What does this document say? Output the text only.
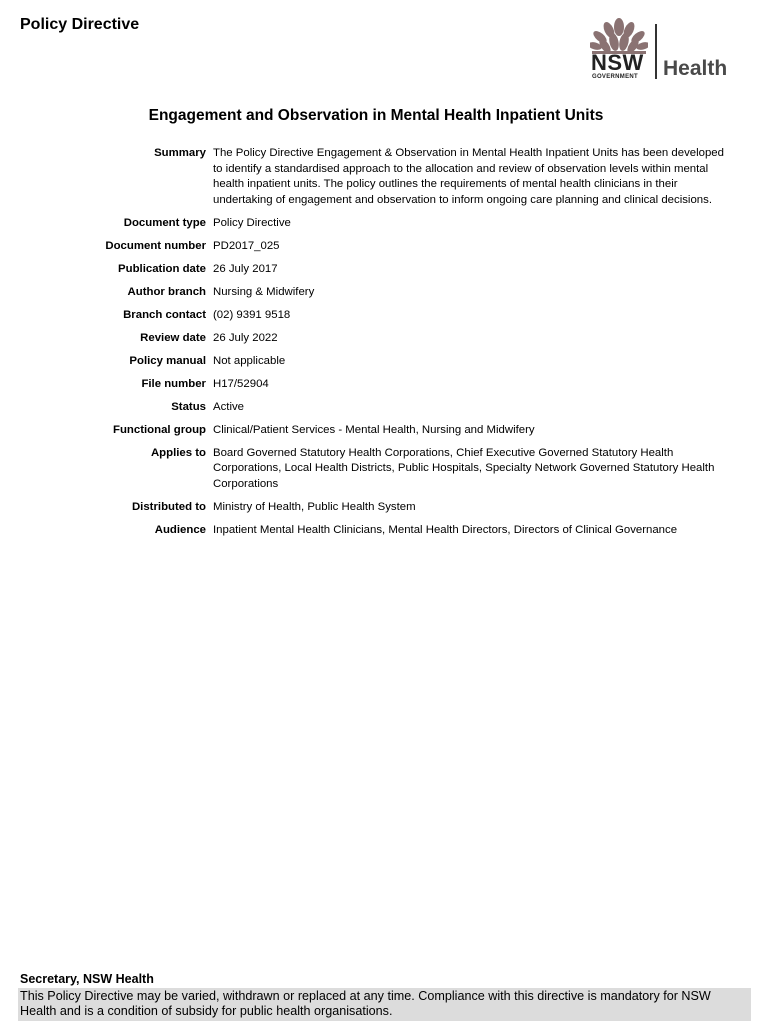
Policy Directive
NSW
GOVERNMENT Health
Engagement and Observation in Mental Health Inpatient Units
Summary	The Policy Directive Engagement & Observation in Mental Health Inpatient Units has been developed to identify a standardised approach to the allocation and review of observation levels within mental health inpatient units. The policy outlines the requirements of mental health clinicians in their undertaking of engagement and observation to inform ongoing care planning and clinical decisions.
Document type	Policy Directive
Document number	PD2017_025
Publication date	26 July 2017
Author branch	Nursing & Midwifery
Branch contact	(02) 9391 9518
Review date	26 July 2022
Policy manual	Not applicable
File number	H17/52904
Status	Active
Functional group	Clinical/Patient Services - Mental Health, Nursing and Midwifery
Applies to	Board Governed Statutory Health Corporations, Chief Executive Governed Statutory Health Corporations, Local Health Districts, Public Hospitals, Specialty Network Governed Statutory Health Corporations
Distributed to	Ministry of Health, Public Health System
Audience	Inpatient Mental Health Clinicians, Mental Health Directors, Directors of Clinical Governance
Secretary, NSW Health
This Policy Directive may be varied, withdrawn or replaced at any time. Compliance with this directive is mandatory for NSW Health and is a condition of subsidy for public health organisations.
